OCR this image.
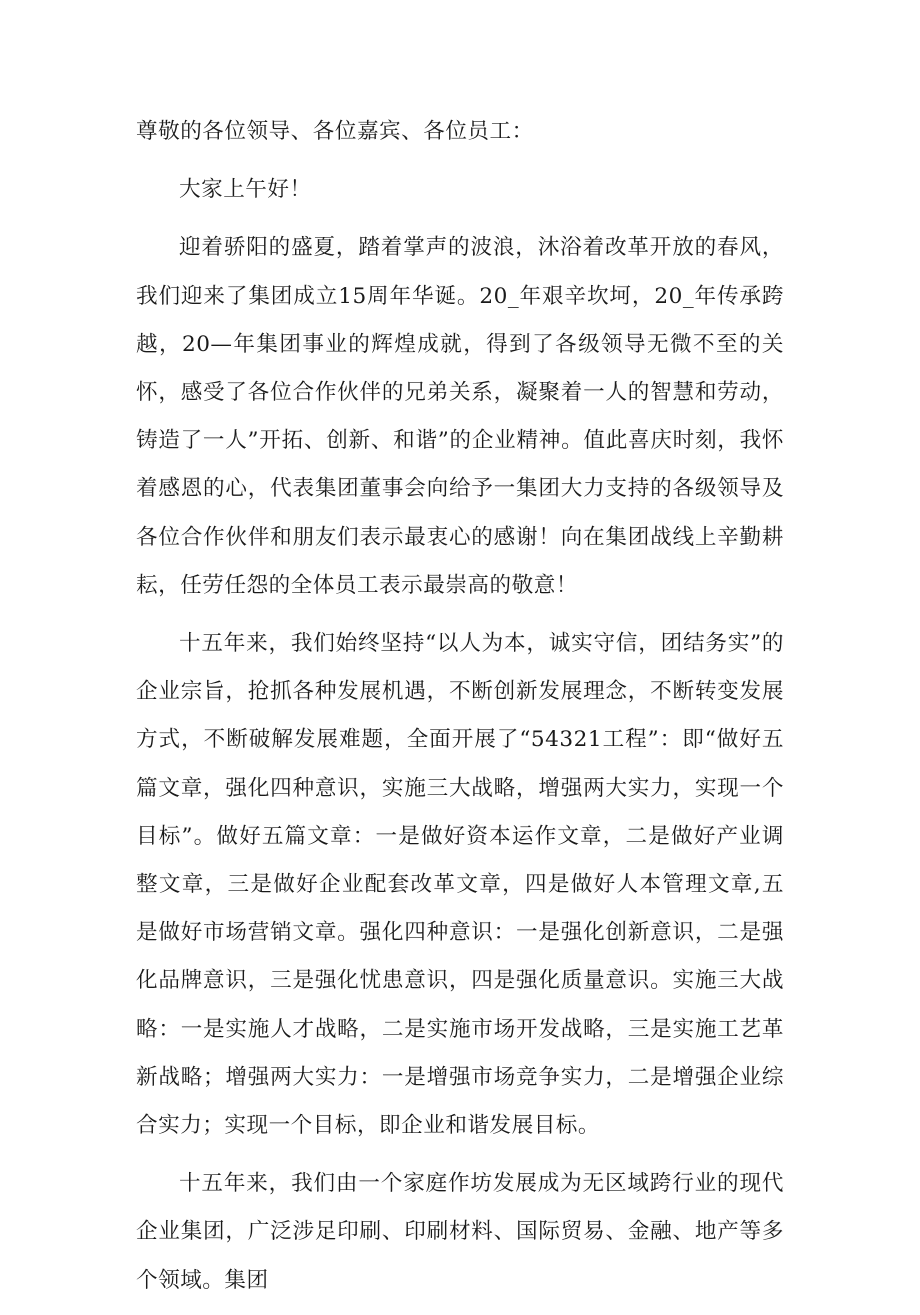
尊敬的各位领导、各位嘉宾、各位员工：

大家上午好！

迎着骄阳的盛夏，踏着掌声的波浪，沐浴着改革开放的春风，我们迎来了集团成立15周年华诞。20_年艰辛坎坷，20_年传承跨越，20—年集团事业的辉煌成就，得到了各级领导无微不至的关怀，感受了各位合作伙伴的兄弟关系，凝聚着一人的智慧和劳动，铸造了一人”开拓、创新、和谐”的企业精神。值此喜庆时刻，我怀着感恩的心，代表集团董事会向给予一集团大力支持的各级领导及各位合作伙伴和朋友们表示最衷心的感谢！向在集团战线上辛勤耕耘，任劳任怨的全体员工表示最崇高的敬意！

十五年来，我们始终坚持“以人为本，诚实守信，团结务实”的企业宗旨，抢抓各种发展机遇，不断创新发展理念，不断转变发展方式，不断破解发展难题，全面开展了“54321工程”：即“做好五篇文章，强化四种意识，实施三大战略，增强两大实力，实现一个目标”。做好五篇文章：一是做好资本运作文章，二是做好产业调整文章，三是做好企业配套改革文章，四是做好人本管理文章,五是做好市场营销文章。强化四种意识：一是强化创新意识，二是强化品牌意识，三是强化忧患意识，四是强化质量意识。实施三大战略：一是实施人才战略，二是实施市场开发战略，三是实施工艺革新战略；增强两大实力：一是增强市场竞争实力，二是增强企业综合实力；实现一个目标，即企业和谐发展目标。

十五年来，我们由一个家庭作坊发展成为无区域跨行业的现代企业集团，广泛涉足印刷、印刷材料、国际贸易、金融、地产等多个领域。集团
